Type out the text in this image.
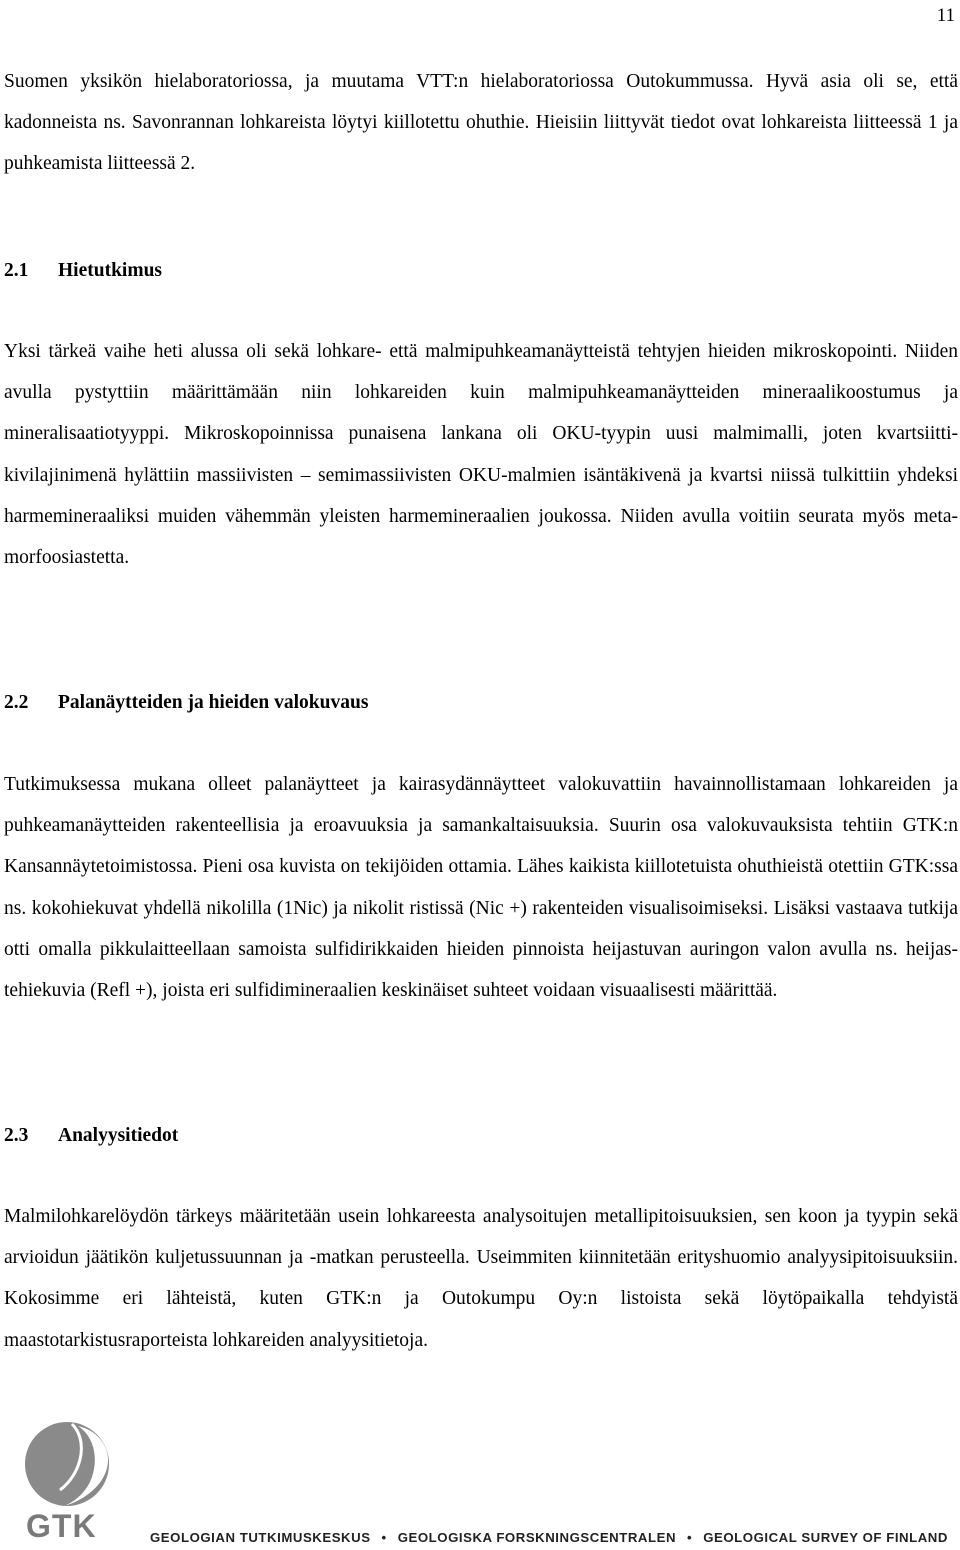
11

Suomen yksikön hielaboratoriossa, ja muutama VTT:n hielaboratoriossa Outokummussa. Hyvä asia oli se, että kadonneista ns. Savonrannan lohkareista löytyi kiillotettu ohuthie. Hieisiin liittyvät tiedot ovat lohkareista liitteessä 1 ja puhkeamista liitteessä 2.

2.1 Hietutkimus

Yksi tärkeä vaihe heti alussa oli sekä lohkare- että malmipuhkeamanäytteistä tehtyjen hieiden mikroskopointi. Niiden avulla pystyttiin määrittämään niin lohkareiden kuin malmipuhkeamanäytteiden mineraalikoostumus ja mineralisaatiotyyppi. Mikroskopoinnissa punaisena lankana oli OKU-tyypin uusi malmimalli, joten kvartsiitti-kivilajinimenä hylättiin massiivisten – semimassiivisten OKU-malmien isäntäkivenä ja kvartsi niissä tulkittiin yhdeksi harmemineraaliksi muiden vähemmän yleisten harmemineraalien joukossa. Niiden avulla voitiin seurata myös metamorfoosiastetta.

2.2 Palanäytteiden ja hieiden valokuvaus

Tutkimuksessa mukana olleet palanäytteet ja kairasydännäytteet valokuvattiin havainnollistamaan lohkareiden ja puhkeamanäytteiden rakenteellisia ja eroavuuksia ja samankaltaisuuksia. Suurin osa valokuvauksista tehtiin GTK:n Kansannäytetoimistossa. Pieni osa kuvista on tekijöiden ottamia. Lähes kaikista kiillotetuista ohuthieistä otettiin GTK:ssa ns. kokohiekuvat yhdellä nikolilla (1Nic) ja nikolit ristissä (Nic +) rakenteiden visualisoimiseksi. Lisäksi vastaava tutkija otti omalla pikkulaitteellaan samoista sulfidirikkaiden hieiden pinnoista heijastuvan auringon valon avulla ns. heijastehiekuvia (Refl +), joista eri sulfidimineraalien keskinäiset suhteet voidaan visuaalisesti määrittää.

2.3 Analyysitiedot

Malmilohkarelöydön tärkeys määritetään usein lohkareesta analysoitujen metallipitoisuuksien, sen koon ja tyypin sekä arvioidun jäätikön kuljetussuunnan ja -matkan perusteella. Useimmiten kiinnitetään erityshuomio analyysipitoisuuksiin. Kokosimme eri lähteistä, kuten GTK:n ja Outokumpu Oy:n listoista sekä löytöpaikalla tehdyistä maastotarkistusraporteista lohkareiden analyysitietoja.

GTK	GEOLOGIAN TUTKIMUSKESKUS • GEOLOGISKA FORSKNINGSCENTRALEN • GEOLOGICAL SURVEY OF FINLAND
